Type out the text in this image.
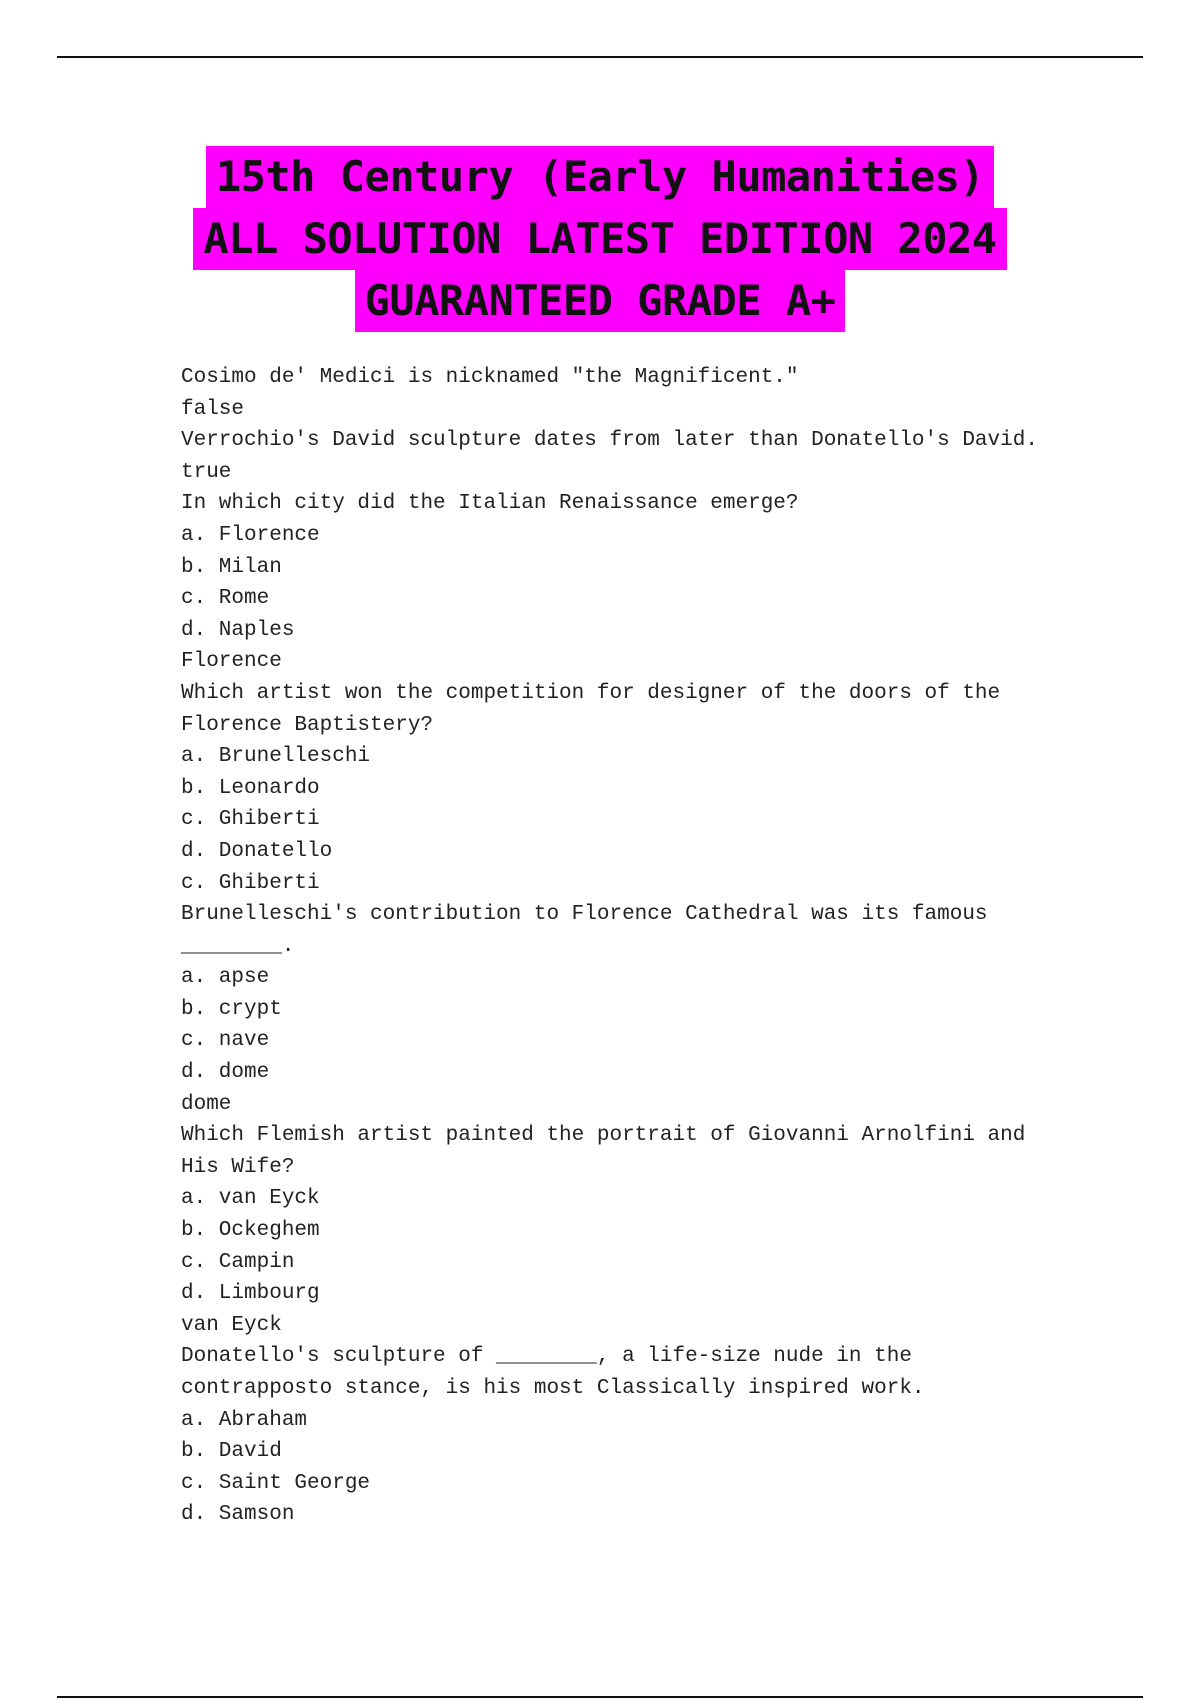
15th Century (Early Humanities)
ALL SOLUTION LATEST EDITION 2024
GUARANTEED GRADE A+
Cosimo de' Medici is nicknamed "the Magnificent."
false
Verrochio's David sculpture dates from later than Donatello's David.
true
In which city did the Italian Renaissance emerge?
a. Florence
b. Milan
c. Rome
d. Naples
Florence
Which artist won the competition for designer of the doors of the
Florence Baptistery?
a. Brunelleschi
b. Leonardo
c. Ghiberti
d. Donatello
c. Ghiberti
Brunelleschi's contribution to Florence Cathedral was its famous
________.
a. apse
b. crypt
c. nave
d. dome
dome
Which Flemish artist painted the portrait of Giovanni Arnolfini and
His Wife?
a. van Eyck
b. Ockeghem
c. Campin
d. Limbourg
van Eyck
Donatello's sculpture of ________, a life-size nude in the
contrapposto stance, is his most Classically inspired work.
a. Abraham
b. David
c. Saint George
d. Samson
